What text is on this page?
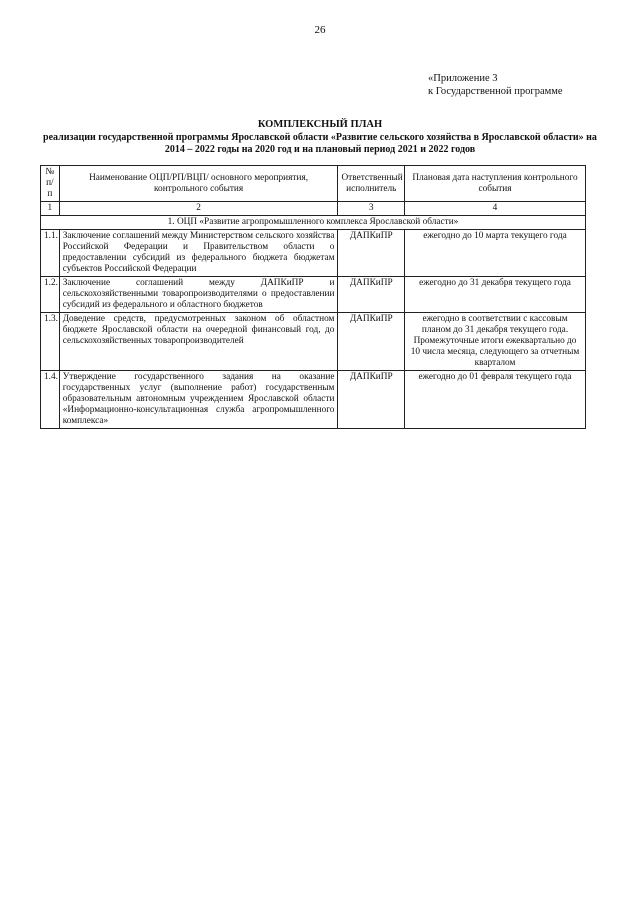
26
«Приложение 3
к Государственной программе
КОМПЛЕКСНЫЙ ПЛАН
реализации государственной программы Ярославской области «Развитие сельского хозяйства в Ярославской области» на 2014 – 2022 годы на 2020 год и на плановый период 2021 и 2022 годов
№ п/п	Наименование ОЦП/РП/ВЦП/ основного мероприятия, контрольного события	Ответственный исполнитель	Плановая дата наступления контрольного события
1	2	3	4
1. ОЦП «Развитие агропромышленного комплекса Ярославской области»			
1.1.	Заключение соглашений между Министерством сельского хозяйства Российской Федерации и Правительством области о предоставлении субсидий из федерального бюджета бюджетам субъектов Российской Федерации	ДАПКиПР	ежегодно до 10 марта текущего года
1.2.	Заключение соглашений между ДАПКиПР и сельскохозяйственными товаропроизводителями о предоставлении субсидий из федерального и областного бюджетов	ДАПКиПР	ежегодно до 31 декабря текущего года
1.3.	Доведение средств, предусмотренных законом об областном бюджете Ярославской области на очередной финансовый год, до сельскохозяйственных товаропроизводителей	ДАПКиПР	ежегодно в соответствии с кассовым планом до 31 декабря текущего года. Промежуточные итоги ежеквартально до 10 числа месяца, следующего за отчетным кварталом
1.4.	Утверждение государственного задания на оказание государственных услуг (выполнение работ) государственным образовательным автономным учреждением Ярославской области «Информационно-консультационная служба агропромышленного комплекса»	ДАПКиПР	ежегодно до 01 февраля текущего года
